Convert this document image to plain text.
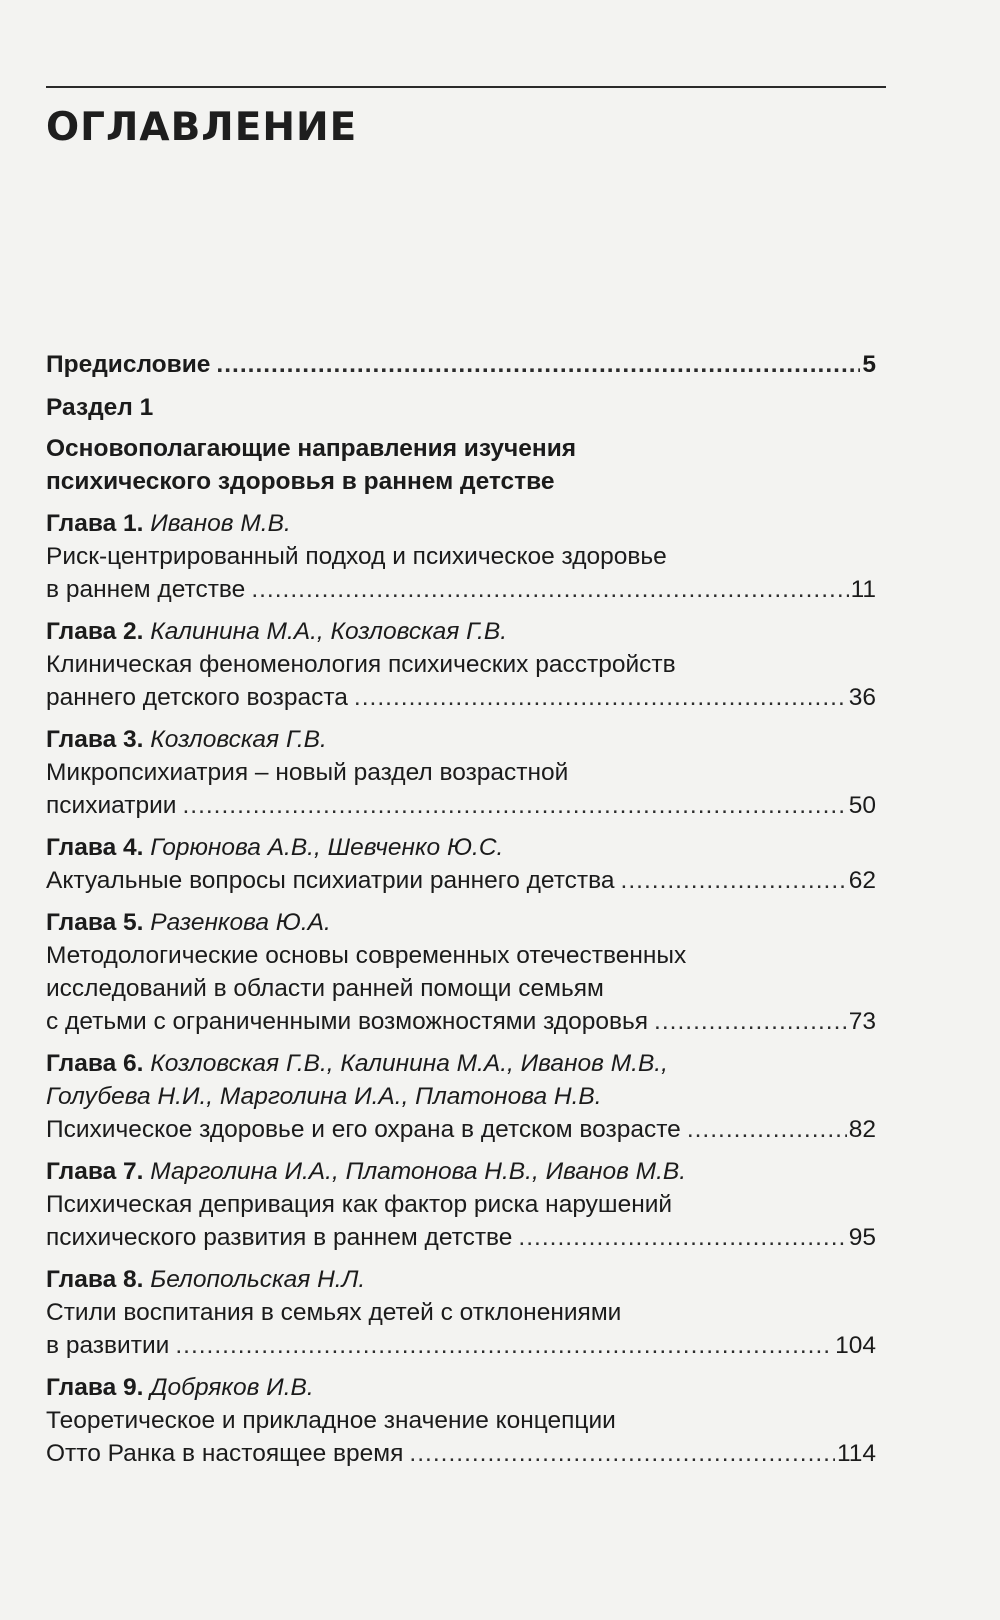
ОГЛАВЛЕНИЕ
Предисловие .....	5
Раздел 1
Основополагающие направления изучения
психического здоровья в раннем детстве
Глава 1. Иванов М.В.
Риск-центрированный подход и психическое здоровье
в раннем детстве .....	11
Глава 2. Калинина М.А., Козловская Г.В.
Клиническая феноменология психических расстройств
раннего детского возраста .....	36
Глава 3. Козловская Г.В.
Микропсихиатрия – новый раздел возрастной
психиатрии .....	50
Глава 4. Горюнова А.В., Шевченко Ю.С.
Актуальные вопросы психиатрии раннего детства .....	62
Глава 5. Разенкова Ю.А.
Методологические основы современных отечественных
исследований в области ранней помощи семьям
с детьми с ограниченными возможностями здоровья .....	73
Глава 6. Козловская Г.В., Калинина М.А., Иванов М.В.,
Голубева Н.И., Марголина И.А., Платонова Н.В.
Психическое здоровье и его охрана в детском возрасте .....	82
Глава 7. Марголина И.А., Платонова Н.В., Иванов М.В.
Психическая депривация как фактор риска нарушений
психического развития в раннем детстве .....	95
Глава 8. Белопольская Н.Л.
Стили воспитания в семьях детей с отклонениями
в развитии .....	104
Глава 9. Добряков И.В.
Теоретическое и прикладное значение концепции
Отто Ранка в настоящее время .....	114
